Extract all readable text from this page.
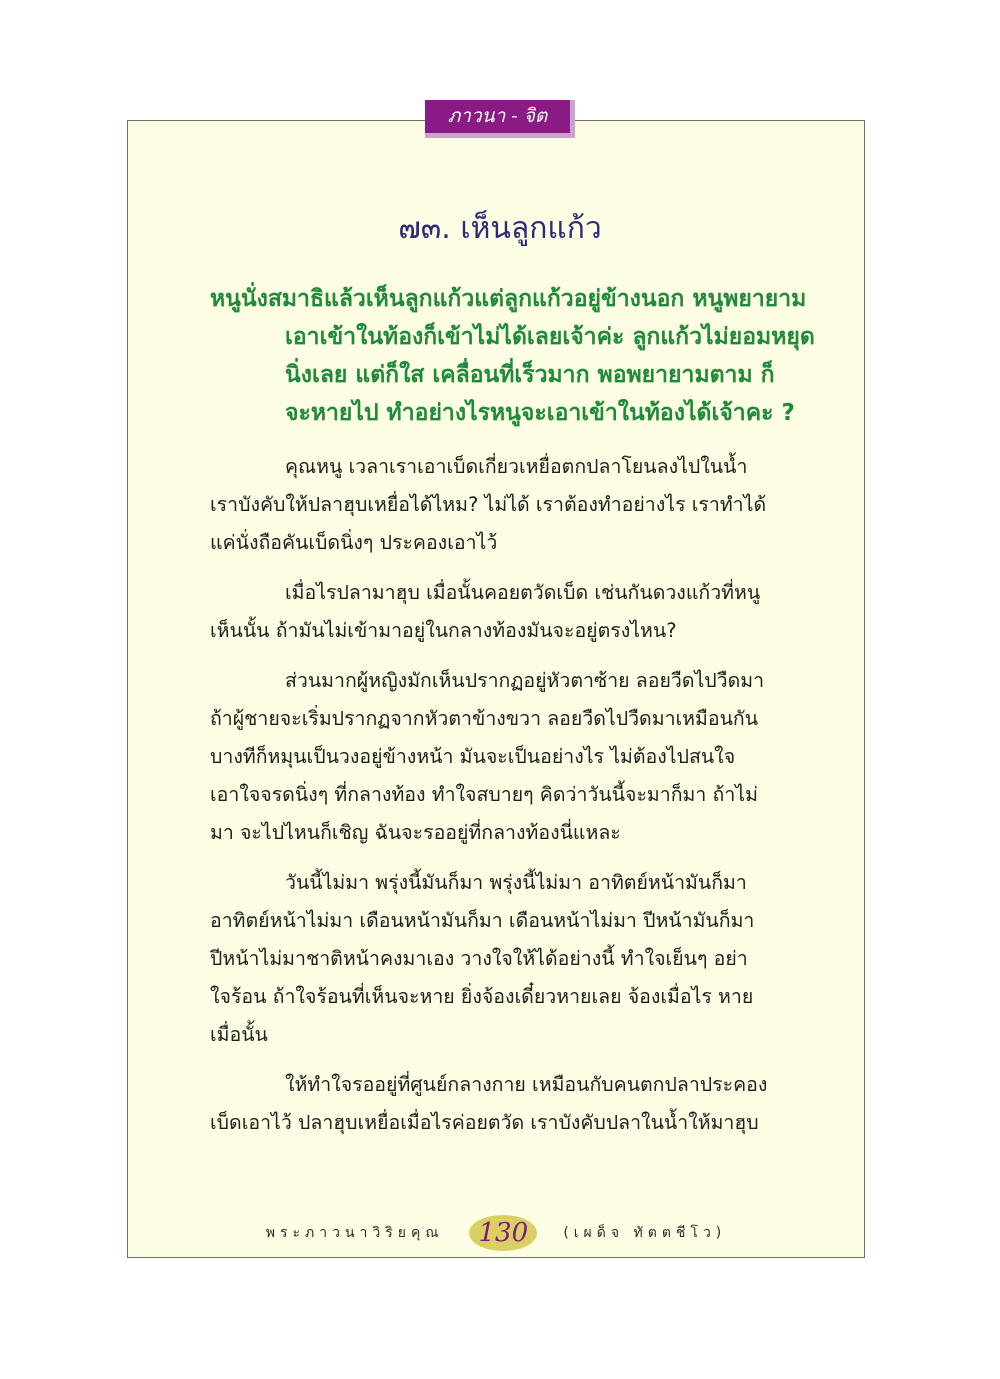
ภาวนา - จิต
๗๓. เห็นลูกแก้ว
หนูนั่งสมาธิแล้วเห็นลูกแก้วแต่ลูกแก้วอยู่ข้างนอก หนูพยายาม
เอาเข้าในท้องก็เข้าไม่ได้เลยเจ้าค่ะ ลูกแก้วไม่ยอมหยุด
นิ่งเลย แต่ก็ใส เคลื่อนที่เร็วมาก พอพยายามตาม ก็
จะหายไป ทำอย่างไรหนูจะเอาเข้าในท้องได้เจ้าคะ ?

คุณหนู เวลาเราเอาเบ็ดเกี่ยวเหยื่อตกปลาโยนลงไปในน้ำ
เราบังคับให้ปลาฮุบเหยื่อได้ไหม? ไม่ได้ เราต้องทำอย่างไร เราทำได้
แค่นั่งถือคันเบ็ดนิ่งๆ ประคองเอาไว้

เมื่อไรปลามาฮุบ เมื่อนั้นคอยตวัดเบ็ด เช่นกันดวงแก้วที่หนู
เห็นนั้น ถ้ามันไม่เข้ามาอยู่ในกลางท้องมันจะอยู่ตรงไหน?

ส่วนมากผู้หญิงมักเห็นปรากฏอยู่หัวตาซ้าย ลอยวืดไปวืดมา
ถ้าผู้ชายจะเริ่มปรากฏจากหัวตาข้างขวา ลอยวืดไปวืดมาเหมือนกัน
บางทีก็หมุนเป็นวงอยู่ข้างหน้า มันจะเป็นอย่างไร ไม่ต้องไปสนใจ
เอาใจจรดนิ่งๆ ที่กลางท้อง ทำใจสบายๆ คิดว่าวันนี้จะมาก็มา ถ้าไม่
มา จะไปไหนก็เชิญ ฉันจะรออยู่ที่กลางท้องนี่แหละ

วันนี้ไม่มา พรุ่งนี้มันก็มา พรุ่งนี้ไม่มา อาทิตย์หน้ามันก็มา
อาทิตย์หน้าไม่มา เดือนหน้ามันก็มา เดือนหน้าไม่มา ปีหน้ามันก็มา
ปีหน้าไม่มาชาติหน้าคงมาเอง วางใจให้ได้อย่างนี้ ทำใจเย็นๆ อย่า
ใจร้อน ถ้าใจร้อนที่เห็นจะหาย ยิ่งจ้องเดี๋ยวหายเลย จ้องเมื่อไร หาย
เมื่อนั้น

ให้ทำใจรออยู่ที่ศูนย์กลางกาย เหมือนกับคนตกปลาประคอง
เบ็ดเอาไว้ ปลาฮุบเหยื่อเมื่อไรค่อยตวัด เราบังคับปลาในน้ำให้มาฮุบ

พระภาวนาวิริยคุณ	130	(เผด็จ ทัตตชีโว)
